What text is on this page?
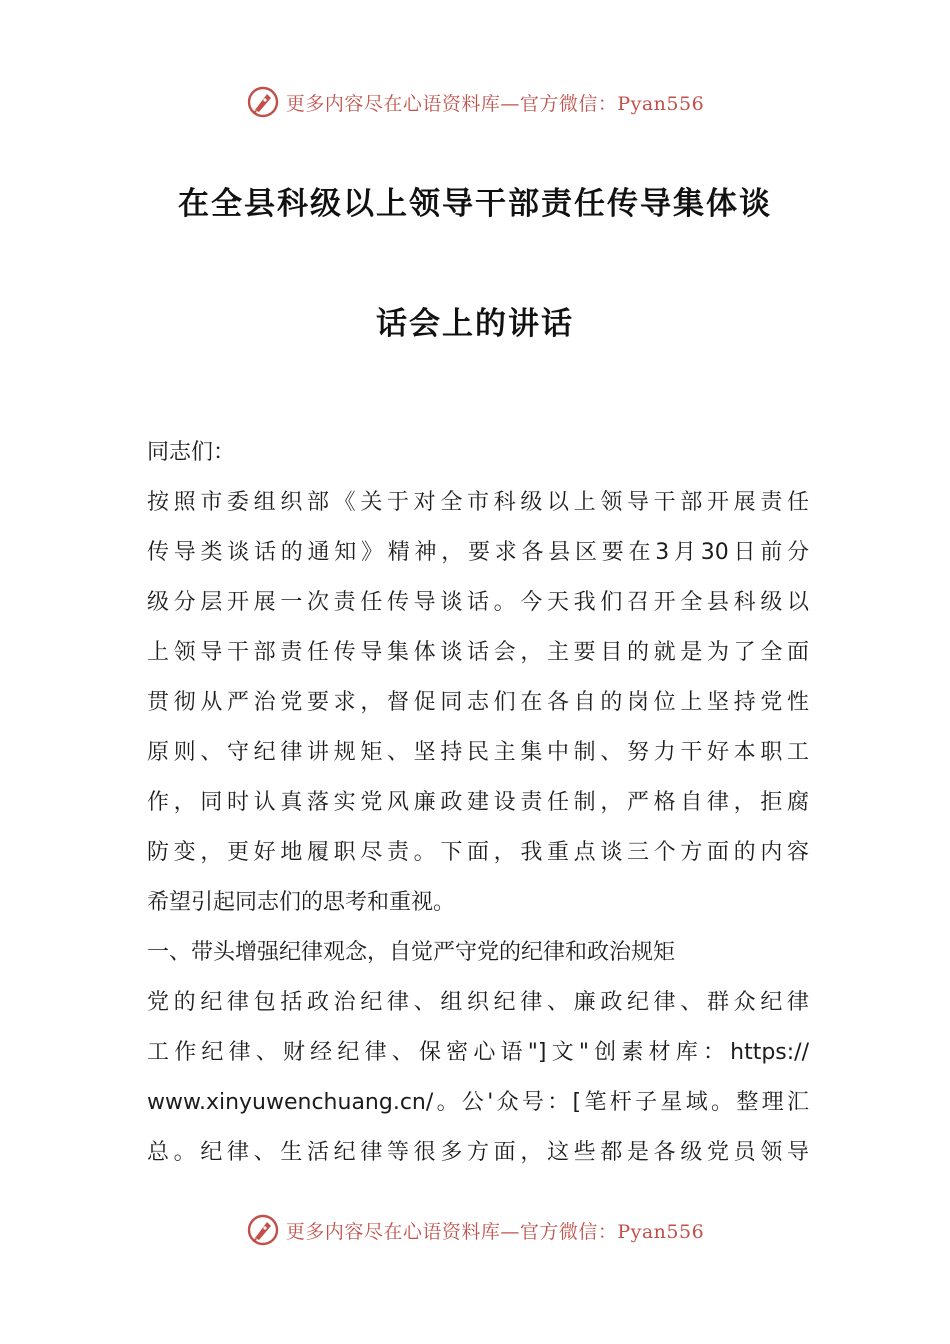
更多内容尽在心语资料库—官方微信：Pyan556
在全县科级以上领导干部责任传导集体谈
话会上的讲话
同志们：
按照市委组织部《关于对全市科级以上领导干部开展责任
传导类谈话的通知》精神，要求各县区要在3月30日前分
级分层开展一次责任传导谈话。今天我们召开全县科级以
上领导干部责任传导集体谈话会，主要目的就是为了全面
贯彻从严治党要求，督促同志们在各自的岗位上坚持党性
原则、守纪律讲规矩、坚持民主集中制、努力干好本职工
作，同时认真落实党风廉政建设责任制，严格自律，拒腐
防变，更好地履职尽责。下面，我重点谈三个方面的内容
希望引起同志们的思考和重视。
一、带头增强纪律观念，自觉严守党的纪律和政治规矩
党的纪律包括政治纪律、组织纪律、廉政纪律、群众纪律
工作纪律、财经纪律、保密心语"]文"创素材库：https://
www.xinyuwenchuang.cn/。公'众号：[笔杆子星域。整理汇
总。纪律、生活纪律等很多方面，这些都是各级党员领导
更多内容尽在心语资料库—官方微信：Pyan556
